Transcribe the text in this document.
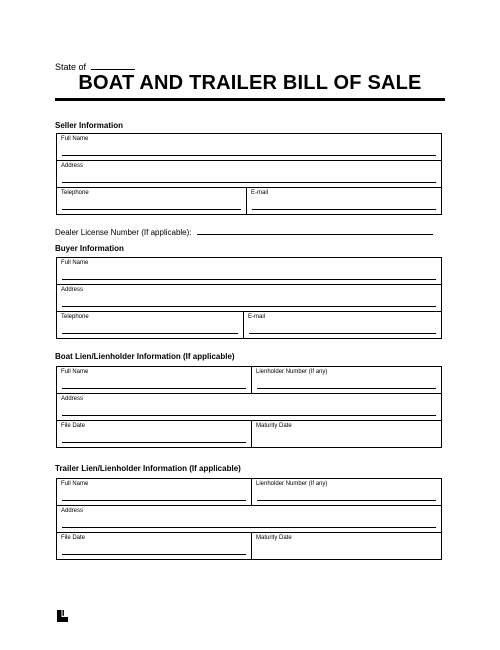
State of
BOAT AND TRAILER BILL OF SALE
Seller Information
Full Name

Address

Telephone	E-mail
Dealer License Number (If applicable):
Buyer Information
Full Name

Address

Telephone	E-mail
Boat Lien/Lienholder Information (If applicable)
Full Name	Lienholder Number (If any)

Address	

File Date	Maturity Date
Trailer Lien/Lienholder Information (If applicable)
Full Name	Lienholder Number (If any)

Address	

File Date	Maturity Date
